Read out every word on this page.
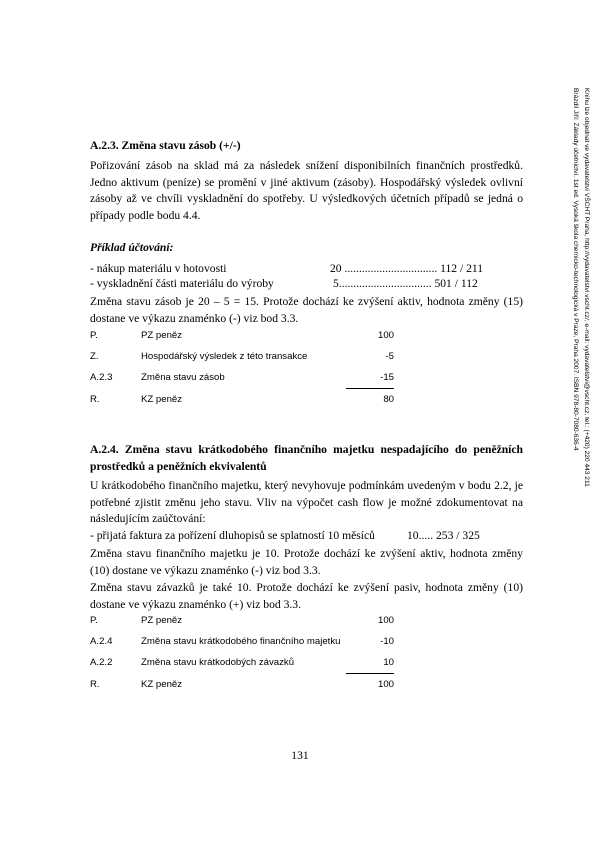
Brázdil Jiří: Základy účetnictví. 1st ed. Vysoká škola chemicko-technologická v Praze, Praha 2007. ISBN 978-80-7080-636-4 Knihu lze objednat ve vydavatelství VŠCHT Praha, http://vydavatelstvi.vscht.cz/, e-mail: vydavatelstvi@vscht.cz, tel.: (+420) 220 443 211
A.2.3. Změna stavu zásob (+/-)
Pořizování zásob na sklad má za následek snížení disponibilních finančních prostředků. Jedno aktivum (peníze) se promění v jiné aktivum (zásoby). Hospodářský výsledek ovlivní zásoby až ve chvíli vyskladnění do spotřeby. U výsledkových účetních případů se jedná o případy podle bodu 4.4.
Příklad účtování:
- nákup materiálu v hotovosti	20 ................................ 112 / 211
- vyskladnění části materiálu do výroby	5................................ 501 / 112
Změna stavu zásob je 20 – 5 = 15. Protože dochází ke zvýšení aktiv, hodnota změny (15) dostane ve výkazu znaménko (-) viz bod 3.3.
P.	PZ peněz	100
Z.	Hospodářský výsledek z této transakce	-5
A.2.3	Změna stavu zásob	-15
R.	KZ peněz	80
A.2.4. Změna stavu krátkodobého finančního majetku nespadajícího do peněžních prostředků a peněžních ekvivalentů
U krátkodobého finančního majetku, který nevyhovuje podmínkám uvedeným v bodu 2.2, je potřebné zjistit změnu jeho stavu. Vliv na výpočet cash flow je možné zdokumentovat na následujícím zaúčtování:
- přijatá faktura za pořízení dluhopisů se splatností 10 měsíců	10..... 253 / 325
Změna stavu finančního majetku je 10. Protože dochází ke zvýšení aktiv, hodnota změny (10) dostane ve výkazu znaménko (-) viz bod 3.3.
Změna stavu závazků je také 10. Protože dochází ke zvýšení pasiv, hodnota změny (10) dostane ve výkazu znaménko (+) viz bod 3.3.
P.	PZ peněz	100
A.2.4	Změna stavu krátkodobého finančního majetku	-10
A.2.2	Změna stavu krátkodobých závazků	10
R.	KZ peněz	100
131
